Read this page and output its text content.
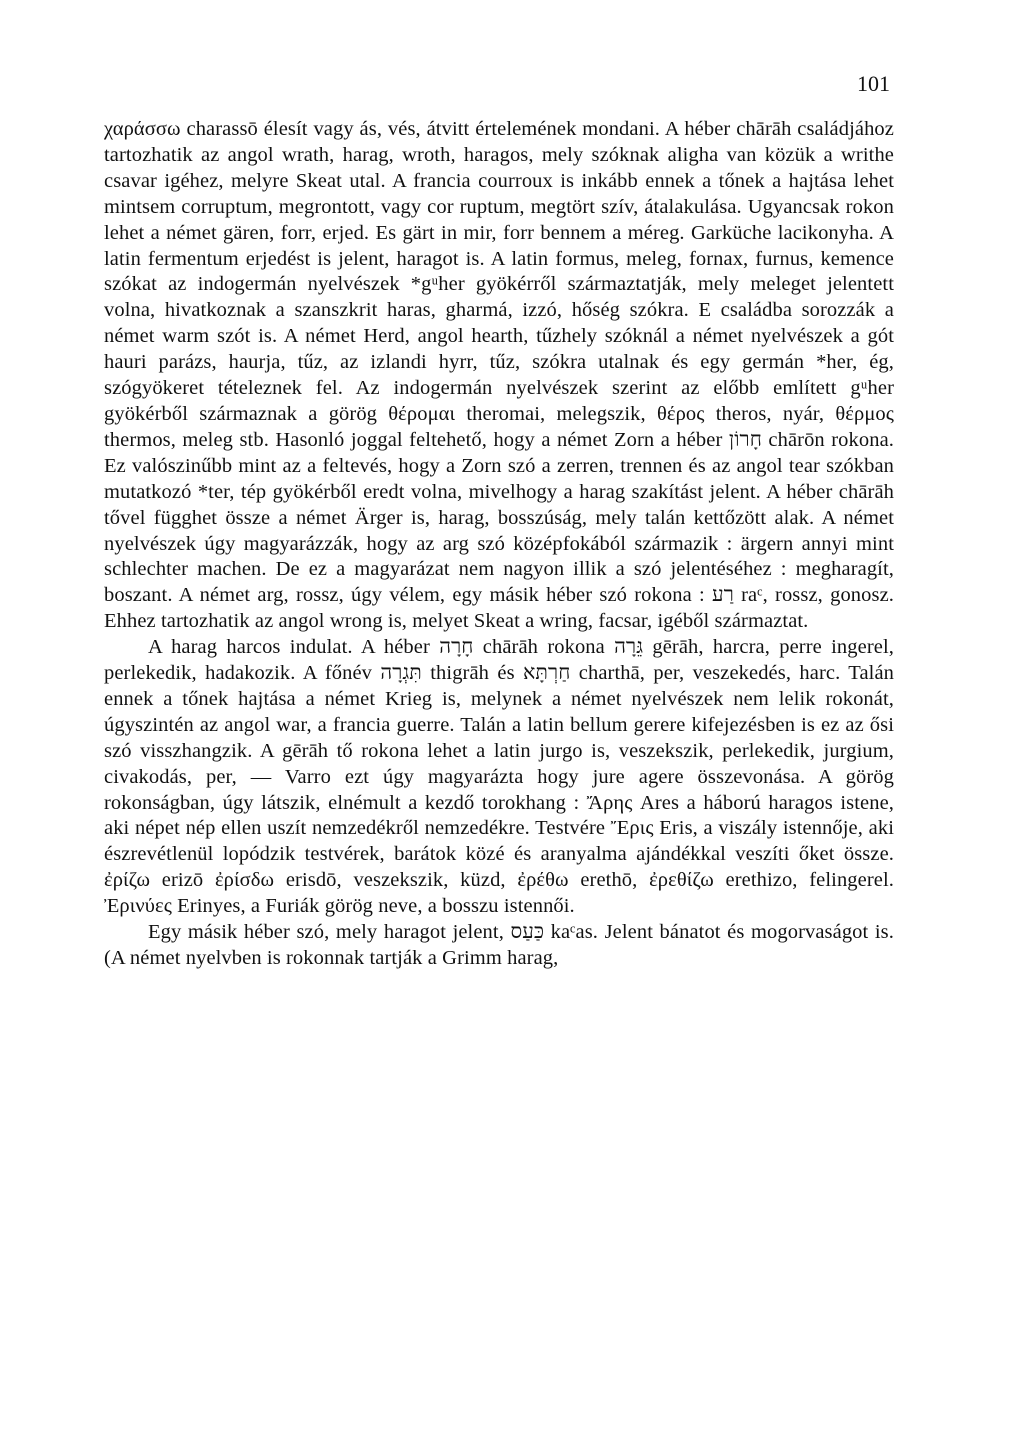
101

χαράσσω charassō élesít vagy ás, vés, átvitt értelemének mondani. A héber chārāh családjához tartozhatik az angol wrath, harag, wroth, haragos, mely szóknak aligha van közük a writhe csavar igéhez, melyre Skeat utal. A francia courroux is inkább ennek a tőnek a hajtása lehet mintsem corruptum, megrontott, vagy cor ruptum, megtört szív, átalakulása. Ugyancsak rokon lehet a német gären, forr, erjed. Es gärt in mir, forr bennem a méreg. Garküche lacikonyha. A latin fermentum erjedést is jelent, haragot is. A latin formus, meleg, fornax, furnus, kemence szókat az indogermán nyelvészek *gᵘher gyökérről származtatják, mely meleget jelentett volna, hivatkoznak a szanszkrit haras, gharmá, izzó, hőség szókra. E családba sorozzák a német warm szót is. A német Herd, angol hearth, tűzhely szóknál a német nyelvészek a gót hauri parázs, haurja, tűz, az izlandi hyrr, tűz, szókra utalnak és egy germán *her, ég, szógyökeret tételeznek fel. Az indogermán nyelvészek szerint az előbb említett gᵘher gyökérből származnak a görög θέρομαι theromai, melegszik, θέρος theros, nyár, θέρμος thermos, meleg stb. Hasonló joggal feltehető, hogy a német Zorn a héber חָרוֹן chārōn rokona. Ez valószinűbb mint az a feltevés, hogy a Zorn szó a zerren, trennen és az angol tear szókban mutatkozó *ter, tép gyökérből eredt volna, mivelhogy a harag szakítást jelent. A héber chārāh tővel függhet össze a német Ärger is, harag, bosszúság, mely talán kettőzött alak. A német nyelvészek úgy magyarázzák, hogy az arg szó középfokából származik : ärgern annyi mint schlechter machen. De ez a magyarázat nem nagyon illik a szó jelentéséhez : megharagít, boszant. A német arg, rossz, úgy vélem, egy másik héber szó rokona : רַע raᶜ, rossz, gonosz. Ehhez tartozhatik az angol wrong is, melyet Skeat a wring, facsar, igéből származtat.

A harag harcos indulat. A héber חָרָה chārāh rokona גֵּרָה gērāh, harcra, perre ingerel, perlekedik, hadakozik. A főnév תִּגְרָה thigrāh és חַרְתָּא charthā, per, veszekedés, harc. Talán ennek a tőnek hajtása a német Krieg is, melynek a német nyelvészek nem lelik rokonát, úgyszintén az angol war, a francia guerre. Talán a latin bellum gerere kifejezésben is ez az ősi szó visszhangzik. A gērāh tő rokona lehet a latin jurgo is, veszekszik, perlekedik, jurgium, civakodás, per, — Varro ezt úgy magyarázta hogy jure agere összevonása. A görög rokonságban, úgy látszik, elnémult a kezdő torokhang : Ἄρης Ares a háború haragos istene, aki népet nép ellen uszít nemzedékről nemzedékre. Testvére Ἔρις Eris, a viszály istennője, aki észrevétlenül lopódzik testvérek, barátok közé és aranyalma ajándékkal veszíti őket össze. ἐρίζω erizō ἐρίσδω erisdō, veszekszik, küzd, ἐρέθω erethō, ἐρεθίζω erethizo, felingerel. Ἐρινύες Erinyes, a Furiák görög neve, a bosszu istennői.

Egy másik héber szó, mely haragot jelent, כַּעַס kaᶜas. Jelent bánatot és mogorvaságot is. (A német nyelvben is rokonnak tartják a Grimm harag,
